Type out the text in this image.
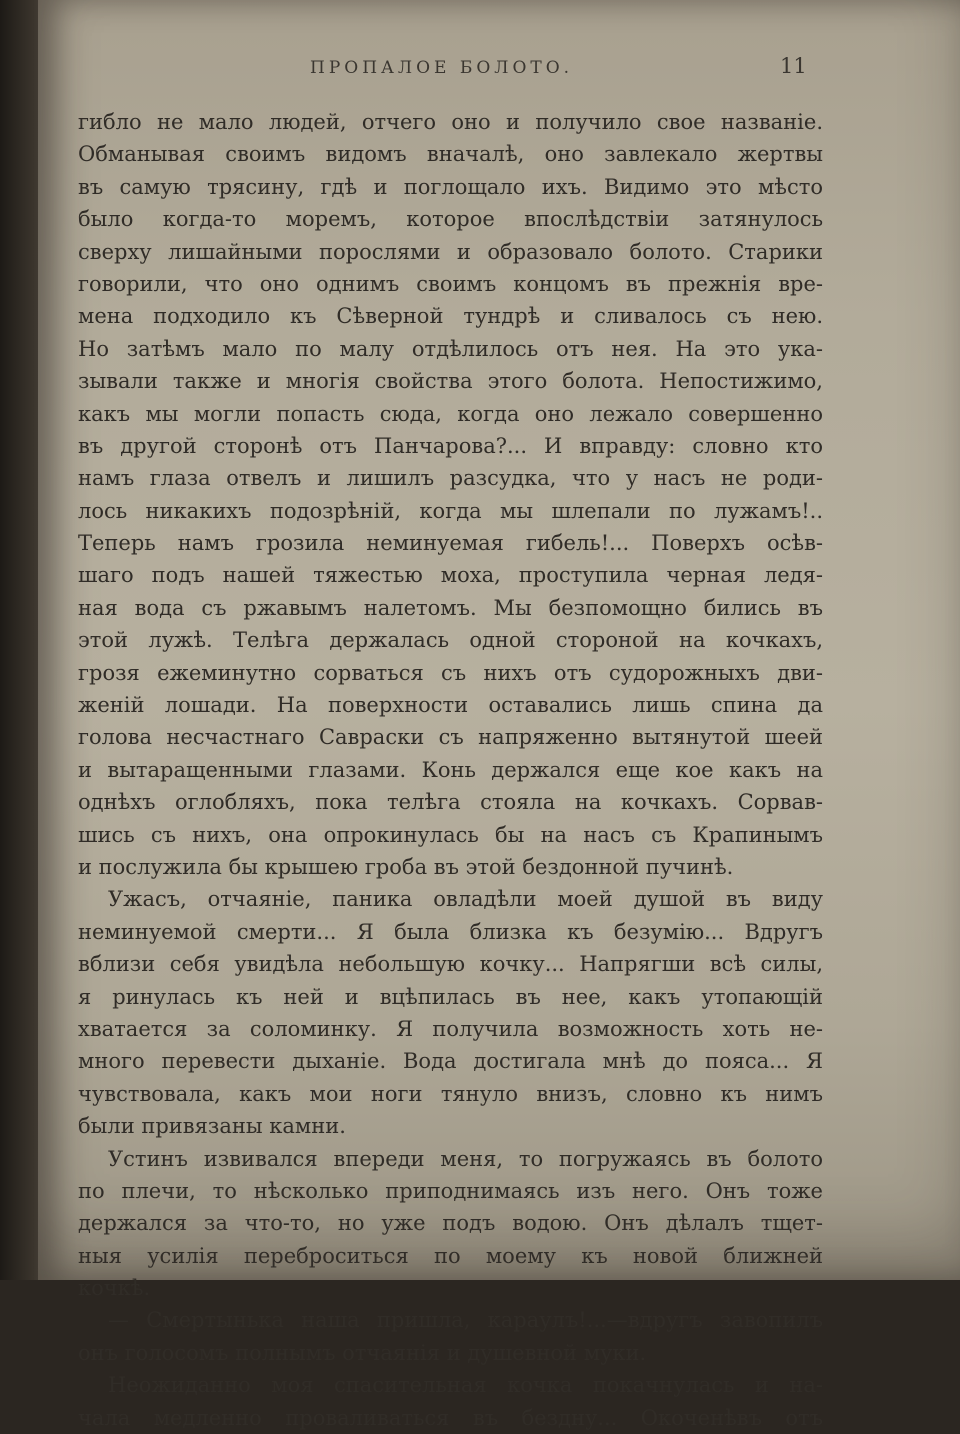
ПРОПАЛОЕ БОЛОТО.	11
гибло не мало людей, отчего оно и получило свое названіе.
Обманывая своимъ видомъ вначалѣ, оно завлекало жертвы
въ самую трясину, гдѣ и поглощало ихъ. Видимо это мѣсто
было когда-то моремъ, которое впослѣдствіи затянулось
сверху лишайными порослями и образовало болото. Старики
говорили, что оно однимъ своимъ концомъ въ прежнія вре-
мена подходило къ Сѣверной тундрѣ и сливалось съ нею.
Но затѣмъ мало по малу отдѣлилось отъ нея. На это ука-
зывали также и многія свойства этого болота. Непостижимо,
какъ мы могли попасть сюда, когда оно лежало совершенно
въ другой сторонѣ отъ Панчарова?... И вправду: словно кто
намъ глаза отвелъ и лишилъ разсудка, что у насъ не роди-
лось никакихъ подозрѣній, когда мы шлепали по лужамъ!..
Теперь намъ грозила неминуемая гибель!... Поверхъ осѣв-
шаго подъ нашей тяжестью моха, проступила черная ледя-
ная вода съ ржавымъ налетомъ. Мы безпомощно бились въ
этой лужѣ. Телѣга держалась одной стороной на кочкахъ,
грозя ежеминутно сорваться съ нихъ отъ судорожныхъ дви-
женій лошади. На поверхности оставались лишь спина да
голова несчастнаго Савраски съ напряженно вытянутой шеей
и вытаращенными глазами. Конь держался еще кое какъ на
однѣхъ оглобляхъ, пока телѣга стояла на кочкахъ. Сорвав-
шись съ нихъ, она опрокинулась бы на насъ съ Крапинымъ
и послужила бы крышею гроба въ этой бездонной пучинѣ.
Ужасъ, отчаяніе, паника овладѣли моей душой въ виду
неминуемой смерти... Я была близка къ безумію... Вдругъ
вблизи себя увидѣла небольшую кочку... Напрягши всѣ силы,
я ринулась къ ней и вцѣпилась въ нее, какъ утопающій
хватается за соломинку. Я получила возможность хоть не-
много перевести дыханіе. Вода достигала мнѣ до пояса... Я
чувствовала, какъ мои ноги тянуло внизъ, словно къ нимъ
были привязаны камни.
Устинъ извивался впереди меня, то погружаясь въ болото
по плечи, то нѣсколько приподнимаясь изъ него. Онъ тоже
держался за что-то, но уже подъ водою. Онъ дѣлалъ тщет-
ныя усилія переброситься по моему къ новой ближней
кочкѣ.
— Смертынька наша пришла, караулъ!...—вдругъ завопилъ
онъ голосомъ полнымъ отчаянія и душевной муки.
Неожиданно моя спасительная кочка покачнулась и на-
чала медленно проваливаться въ бездну... Окоченѣвъ отъ
